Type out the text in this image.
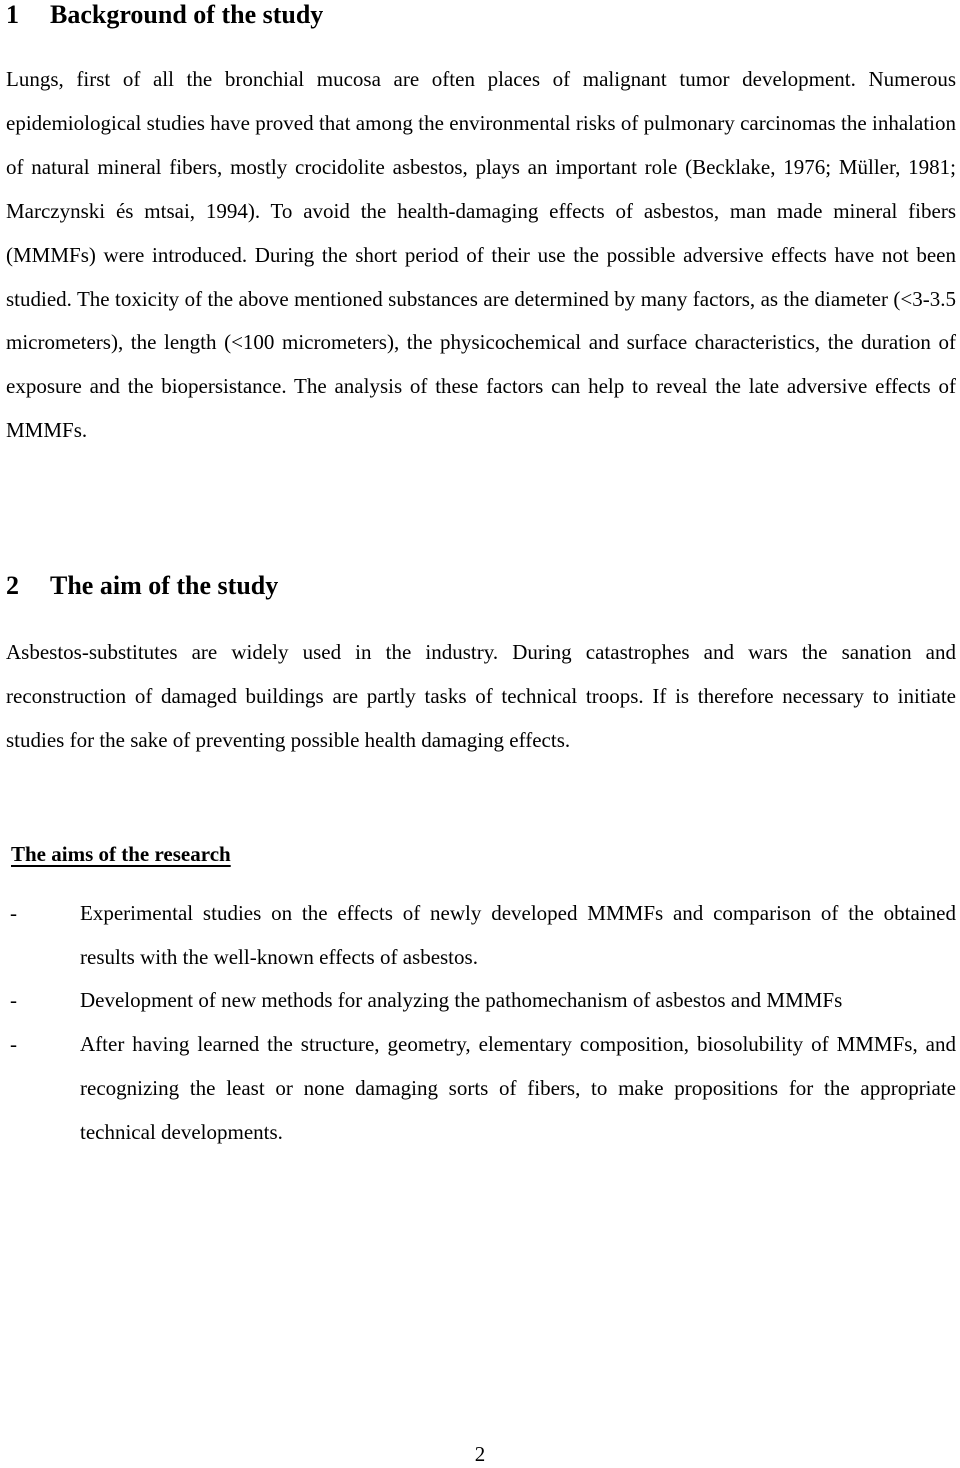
1 Background of the study

Lungs, first of all the bronchial mucosa are often places of malignant tumor development. Numerous epidemiological studies have proved that among the environmental risks of pulmonary carcinomas the inhalation of natural mineral fibers, mostly crocidolite asbestos, plays an important role (Becklake, 1976; Müller, 1981; Marczynski és mtsai, 1994). To avoid the health-damaging effects of asbestos, man made mineral fibers (MMMFs) were introduced. During the short period of their use the possible adversive effects have not been studied. The toxicity of the above mentioned substances are determined by many factors, as the diameter (<3-3.5 micrometers), the length (<100 micrometers), the physicochemical and surface characteristics, the duration of exposure and the biopersistance. The analysis of these factors can help to reveal the late adversive effects of MMMFs.

2 The aim of the study

Asbestos-substitutes are widely used in the industry. During catastrophes and wars the sanation and reconstruction of damaged buildings are partly tasks of technical troops. If is therefore necessary to initiate studies for the sake of preventing possible health damaging effects.

The aims of the research

-	Experimental studies on the effects of newly developed MMMFs and comparison of the obtained results with the well-known effects of asbestos.
-	Development of new methods for analyzing the pathomechanism of asbestos and MMMFs
-	After having learned the structure, geometry, elementary composition, biosolubility of MMMFs, and recognizing the least or none damaging sorts of fibers, to make propositions for the appropriate technical developments.
2
